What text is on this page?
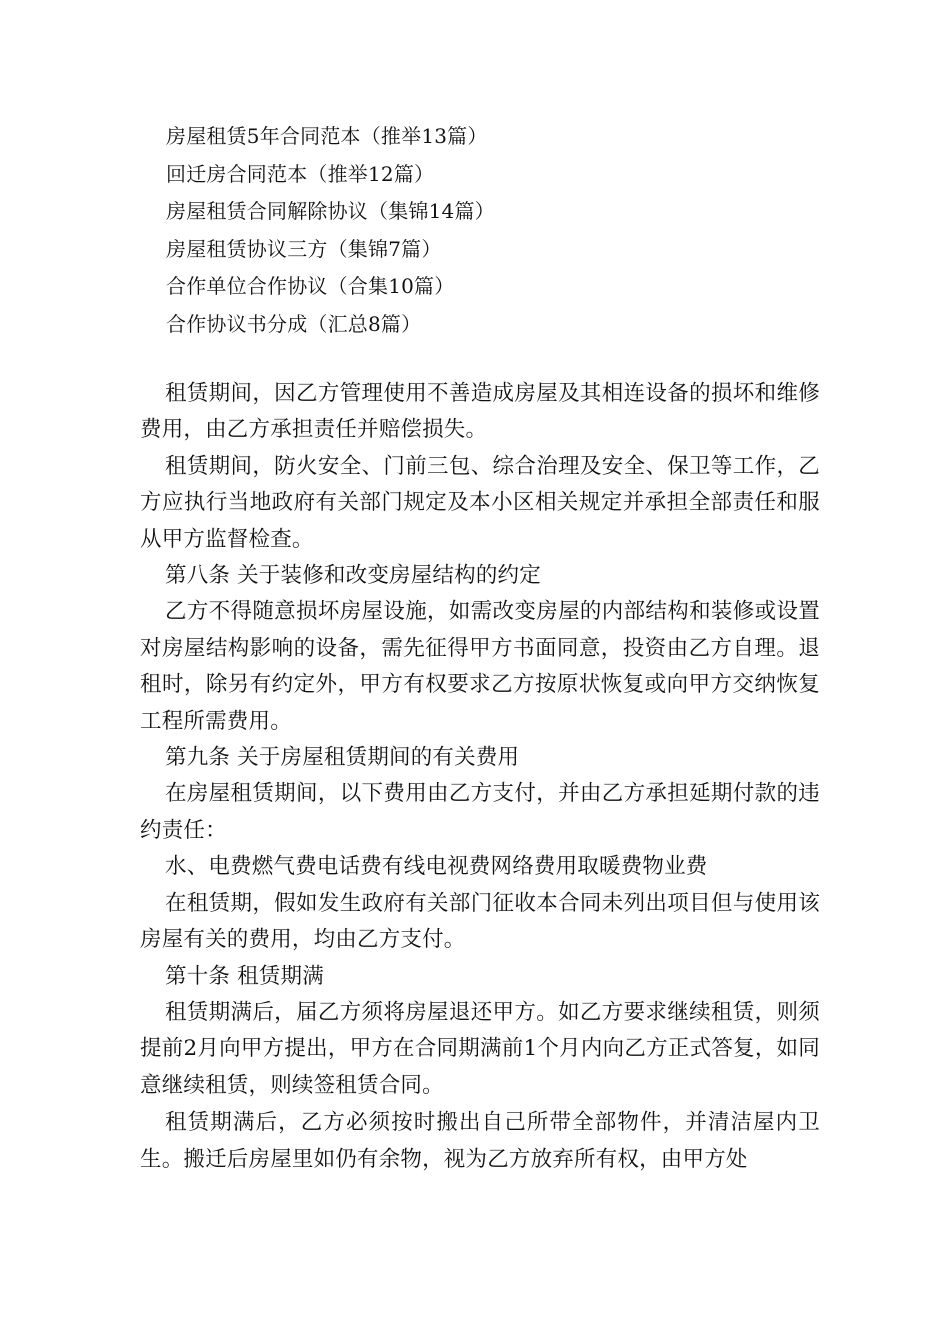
房屋租赁5年合同范本（推举13篇）
回迁房合同范本（推举12篇）
房屋租赁合同解除协议（集锦14篇）
房屋租赁协议三方（集锦7篇）
合作单位合作协议（合集10篇）
合作协议书分成（汇总8篇）

租赁期间，因乙方管理使用不善造成房屋及其相连设备的损坏和维修费用，由乙方承担责任并赔偿损失。

租赁期间，防火安全、门前三包、综合治理及安全、保卫等工作，乙方应执行当地政府有关部门规定及本小区相关规定并承担全部责任和服从甲方监督检查。

第八条 关于装修和改变房屋结构的约定

乙方不得随意损坏房屋设施，如需改变房屋的内部结构和装修或设置对房屋结构影响的设备，需先征得甲方书面同意，投资由乙方自理。退租时，除另有约定外，甲方有权要求乙方按原状恢复或向甲方交纳恢复工程所需费用。

第九条 关于房屋租赁期间的有关费用

在房屋租赁期间，以下费用由乙方支付，并由乙方承担延期付款的违约责任：

水、电费燃气费电话费有线电视费网络费用取暖费物业费

在租赁期，假如发生政府有关部门征收本合同未列出项目但与使用该房屋有关的费用，均由乙方支付。

第十条 租赁期满

租赁期满后，届乙方须将房屋退还甲方。如乙方要求继续租赁，则须提前2月向甲方提出，甲方在合同期满前1个月内向乙方正式答复，如同意继续租赁，则续签租赁合同。

租赁期满后，乙方必须按时搬出自己所带全部物件，并清洁屋内卫生。搬迁后房屋里如仍有余物，视为乙方放弃所有权，由甲方处
